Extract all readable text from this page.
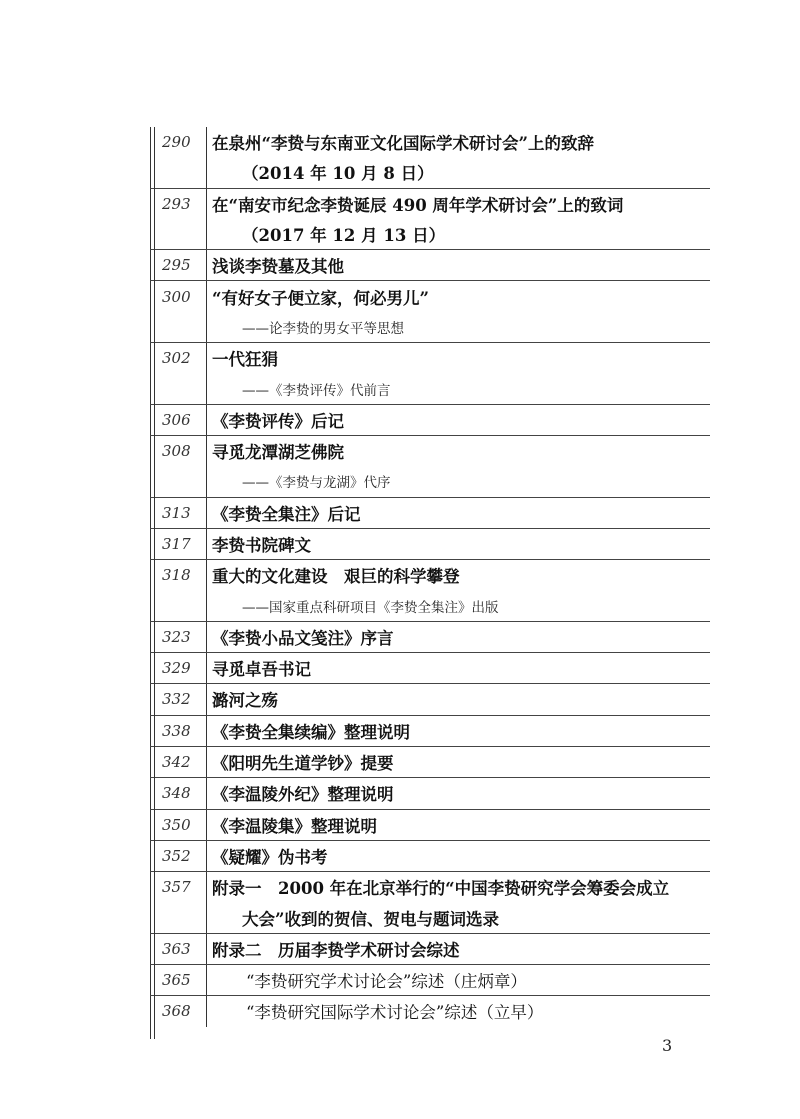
290	在泉州“李贽与东南亚文化国际学术研讨会”上的致辞
（2014 年 10 月 8 日）
293	在“南安市纪念李贽诞辰 490 周年学术研讨会”上的致词
（2017 年 12 月 13 日）
295	浅谈李贽墓及其他
300	“有好女子便立家，何必男儿”
——论李贽的男女平等思想
302	一代狂狷
——《李贽评传》代前言
306	《李贽评传》后记
308	寻觅龙潭湖芝佛院
——《李贽与龙湖》代序
313	《李贽全集注》后记
317	李贽书院碑文
318	重大的文化建设　艰巨的科学攀登
——国家重点科研项目《李贽全集注》出版
323	《李贽小品文笺注》序言
329	寻觅卓吾书记
332	潞河之殇
338	《李贽全集续编》整理说明
342	《阳明先生道学钞》提要
348	《李温陵外纪》整理说明
350	《李温陵集》整理说明
352	《疑耀》伪书考
357	附录一　2000 年在北京举行的“中国李贽研究学会筹委会成立
大会”收到的贺信、贺电与题词选录
363	附录二　历届李贽学术研讨会综述
365	“李贽研究学术讨论会”综述（庄炳章）
368	“李贽研究国际学术讨论会”综述（立早）
3
